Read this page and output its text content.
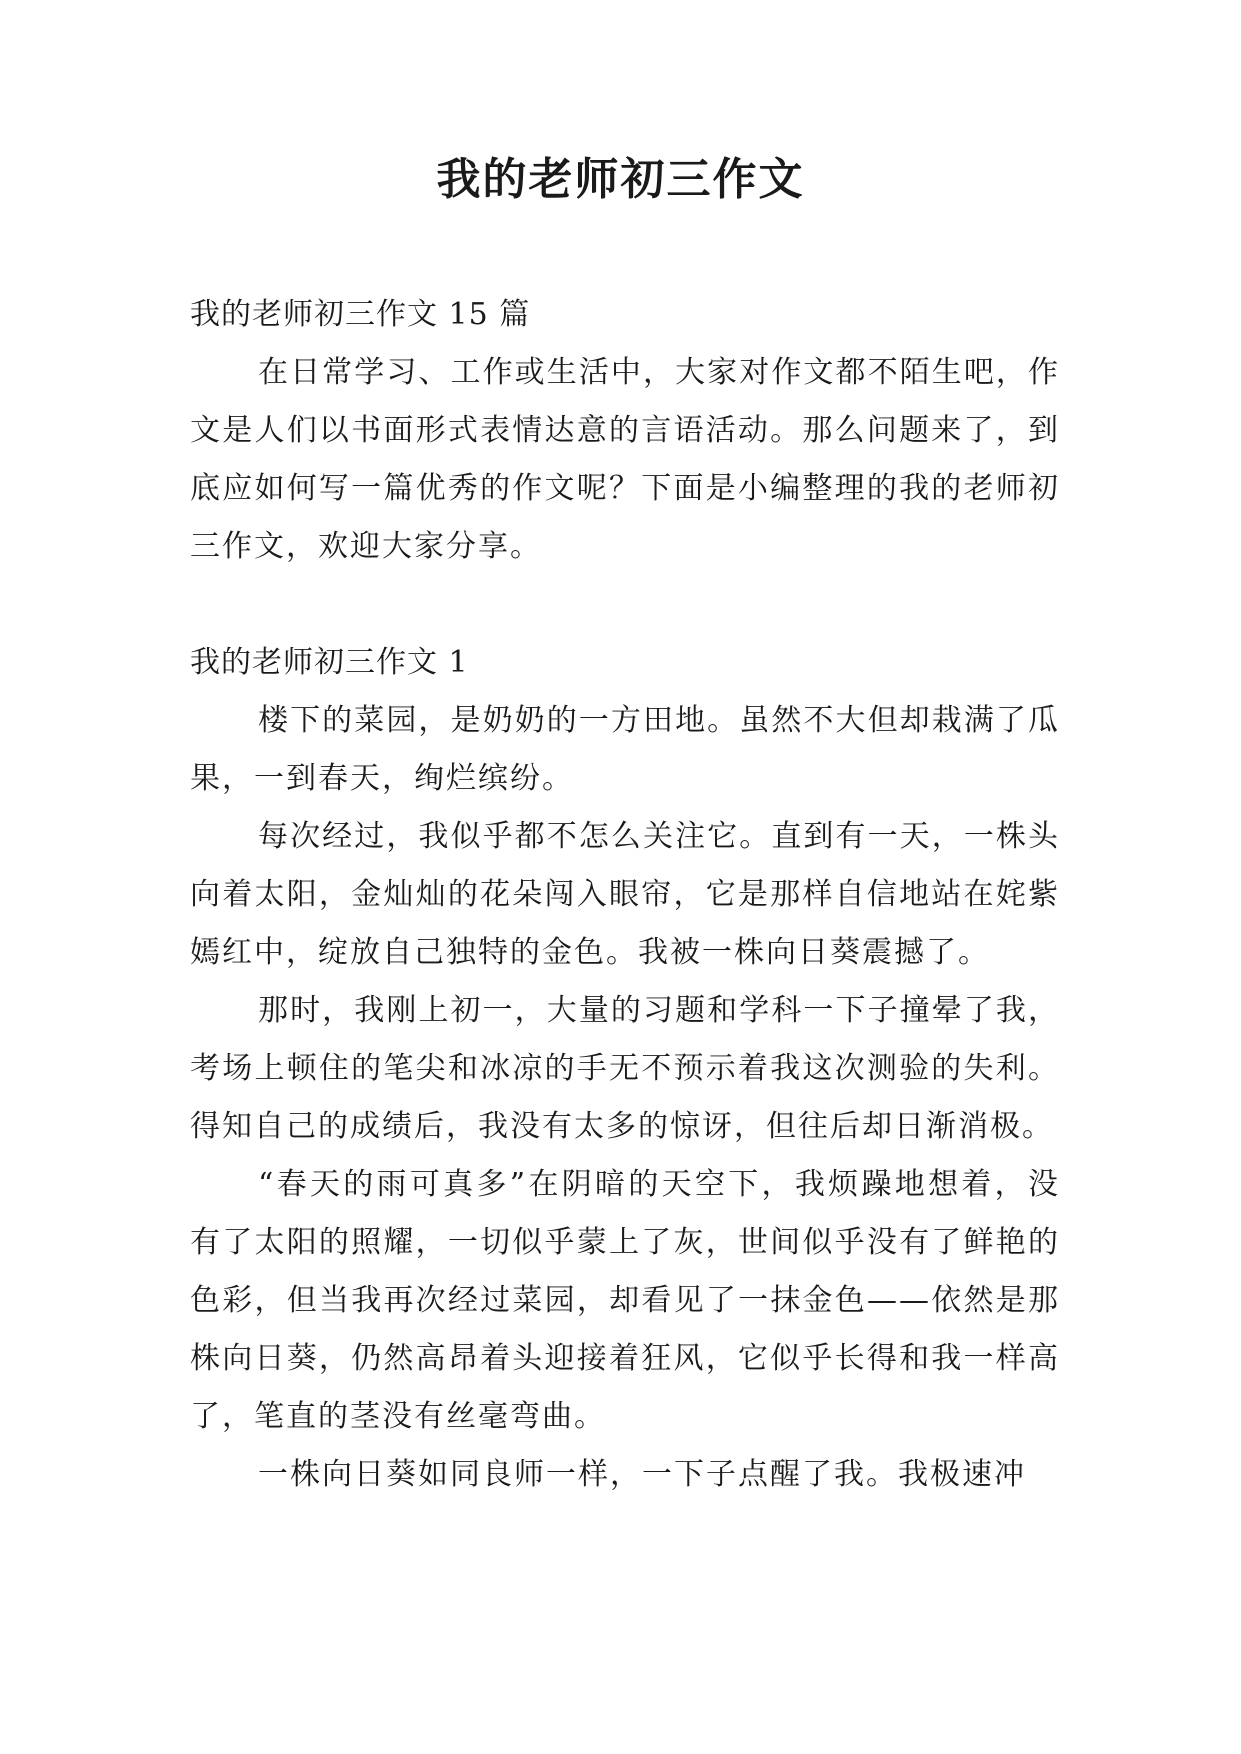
我的老师初三作文

我的老师初三作文 15 篇

在日常学习、工作或生活中，大家对作文都不陌生吧，作文是人们以书面形式表情达意的言语活动。那么问题来了，到底应如何写一篇优秀的作文呢？下面是小编整理的我的老师初三作文，欢迎大家分享。

我的老师初三作文 1

楼下的菜园，是奶奶的一方田地。虽然不大但却栽满了瓜果，一到春天，绚烂缤纷。

每次经过，我似乎都不怎么关注它。直到有一天，一株头向着太阳，金灿灿的花朵闯入眼帘，它是那样自信地站在姹紫嫣红中，绽放自己独特的金色。我被一株向日葵震撼了。

那时，我刚上初一，大量的习题和学科一下子撞晕了我，考场上顿住的笔尖和冰凉的手无不预示着我这次测验的失利。得知自己的成绩后，我没有太多的惊讶，但往后却日渐消极。

“春天的雨可真多”在阴暗的天空下，我烦躁地想着，没有了太阳的照耀，一切似乎蒙上了灰，世间似乎没有了鲜艳的色彩，但当我再次经过菜园，却看见了一抹金色——依然是那株向日葵，仍然高昂着头迎接着狂风，它似乎长得和我一样高了，笔直的茎没有丝毫弯曲。

一株向日葵如同良师一样，一下子点醒了我。我极速冲
